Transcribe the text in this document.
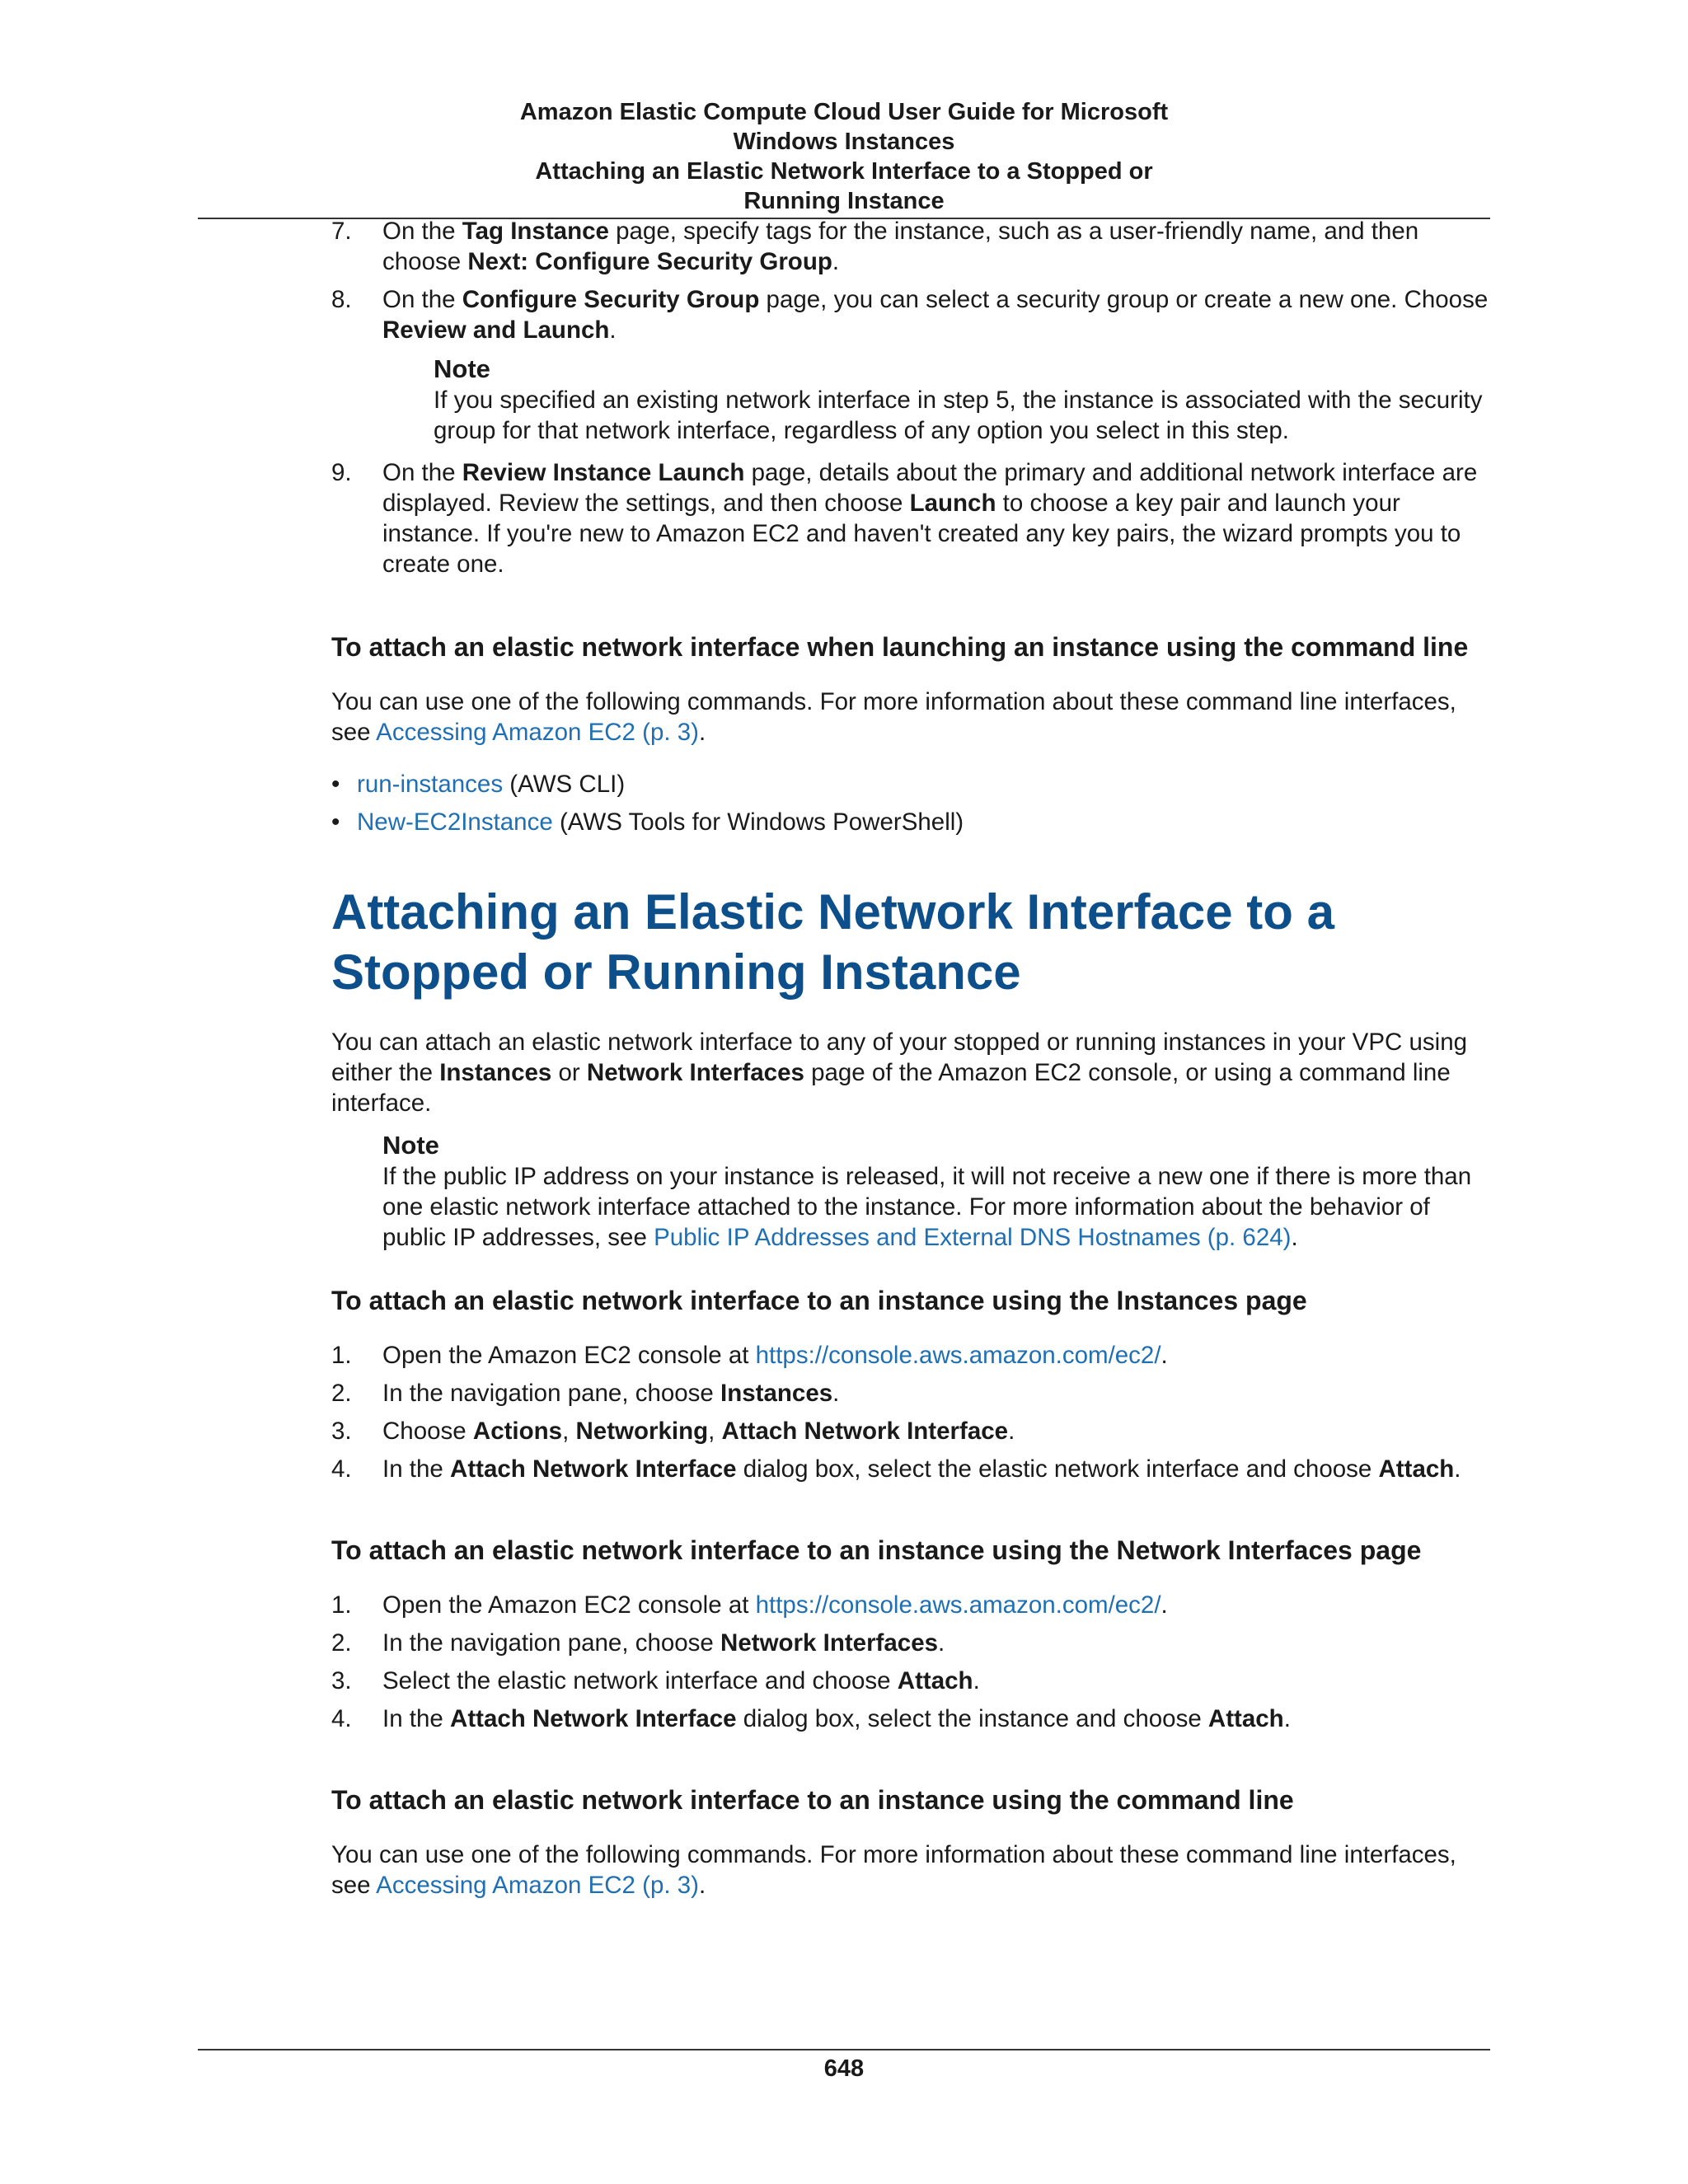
Amazon Elastic Compute Cloud User Guide for Microsoft
Windows Instances
Attaching an Elastic Network Interface to a Stopped or
Running Instance
7. On the Tag Instance page, specify tags for the instance, such as a user-friendly name, and then choose Next: Configure Security Group.
8. On the Configure Security Group page, you can select a security group or create a new one. Choose Review and Launch.
Note
If you specified an existing network interface in step 5, the instance is associated with the security group for that network interface, regardless of any option you select in this step.
9. On the Review Instance Launch page, details about the primary and additional network interface are displayed. Review the settings, and then choose Launch to choose a key pair and launch your instance. If you're new to Amazon EC2 and haven't created any key pairs, the wizard prompts you to create one.
To attach an elastic network interface when launching an instance using the command line

You can use one of the following commands. For more information about these command line interfaces, see Accessing Amazon EC2 (p. 3).

• run-instances (AWS CLI)
• New-EC2Instance (AWS Tools for Windows PowerShell)
Attaching an Elastic Network Interface to a Stopped or Running Instance

You can attach an elastic network interface to any of your stopped or running instances in your VPC using either the Instances or Network Interfaces page of the Amazon EC2 console, or using a command line interface.

Note
If the public IP address on your instance is released, it will not receive a new one if there is more than one elastic network interface attached to the instance. For more information about the behavior of public IP addresses, see Public IP Addresses and External DNS Hostnames (p. 624).
To attach an elastic network interface to an instance using the Instances page
1. Open the Amazon EC2 console at https://console.aws.amazon.com/ec2/.
2. In the navigation pane, choose Instances.
3. Choose Actions, Networking, Attach Network Interface.
4. In the Attach Network Interface dialog box, select the elastic network interface and choose Attach.
To attach an elastic network interface to an instance using the Network Interfaces page
1. Open the Amazon EC2 console at https://console.aws.amazon.com/ec2/.
2. In the navigation pane, choose Network Interfaces.
3. Select the elastic network interface and choose Attach.
4. In the Attach Network Interface dialog box, select the instance and choose Attach.
To attach an elastic network interface to an instance using the command line

You can use one of the following commands. For more information about these command line interfaces, see Accessing Amazon EC2 (p. 3).

648
